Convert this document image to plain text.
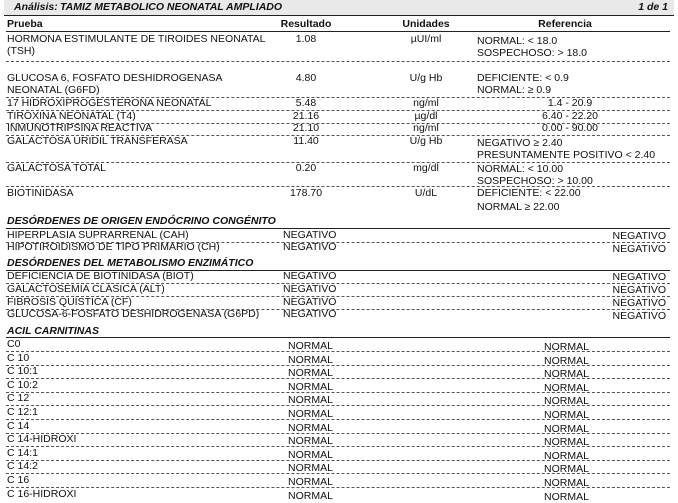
Análisis: TAMIZ METABOLICO NEONATAL AMPLIADO	1 de 1
Prueba	Resultado	Unidades	Referencia
HORMONA ESTIMULANTE DE TIROIDES NEONATAL
(TSH)
1.08	µUI/ml	NORMAL: < 18.0
SOSPECHOSO: > 18.0
GLUCOSA 6, FOSFATO DESHIDROGENASA
NEONATAL (G6FD)
4.80	U/g Hb	DEFICIENTE: < 0.9
NORMAL: ≥ 0.9
17 HIDROXIPROGESTERONA NEONATAL	5.48	ng/ml	1.4 - 20.9
TIROXINA NEONATAL (T4)	21.16	µg/dl	6.40 - 22.20
INMUNOTRIPSINA REACTIVA	21.10	ng/ml	0.00 - 90.00
GALACTOSA URIDIL TRANSFERASA	11.40	U/g Hb	NEGATIVO ≥ 2.40
PRESUNTAMENTE POSITIVO < 2.40
GALACTOSA TOTAL	0.20	mg/dl	NORMAL: < 10.00
SOSPECHOSO: > 10.00
BIOTINIDASA	178.70	U/dL	DEFICIENTE: < 22.00
NORMAL ≥ 22.00
DESÓRDENES DE ORIGEN ENDÓCRINO CONGÉNITO
HIPERPLASIA SUPRARRENAL (CAH)	NEGATIVO	NEGATIVO
HIPOTIROIDISMO DE TIPO PRIMARIO (CH)	NEGATIVO	NEGATIVO
DESÓRDENES DEL METABOLISMO ENZIMÁTICO
DEFICIENCIA DE BIOTINIDASA (BIOT)	NEGATIVO	NEGATIVO
GALACTOSEMIA CLÁSICA (ALT)	NEGATIVO	NEGATIVO
FIBROSIS QUÍSTICA (CF)	NEGATIVO	NEGATIVO
GLUCOSA-6-FOSFATO DESHIDROGENASA (G6PD) NEGATIVO	NEGATIVO
ACIL CARNITINAS
C0	NORMAL	NORMAL
C 10	NORMAL	NORMAL
C 10:1	NORMAL	NORMAL
C 10:2	NORMAL	NORMAL
C 12	NORMAL	NORMAL
C 12:1	NORMAL	NORMAL
C 14	NORMAL	NORMAL
C 14-HIDROXI	NORMAL	NORMAL
C 14:1	NORMAL	NORMAL
C 14:2	NORMAL	NORMAL
C 16	NORMAL	NORMAL
C 16-HIDROXI	NORMAL	NORMAL
